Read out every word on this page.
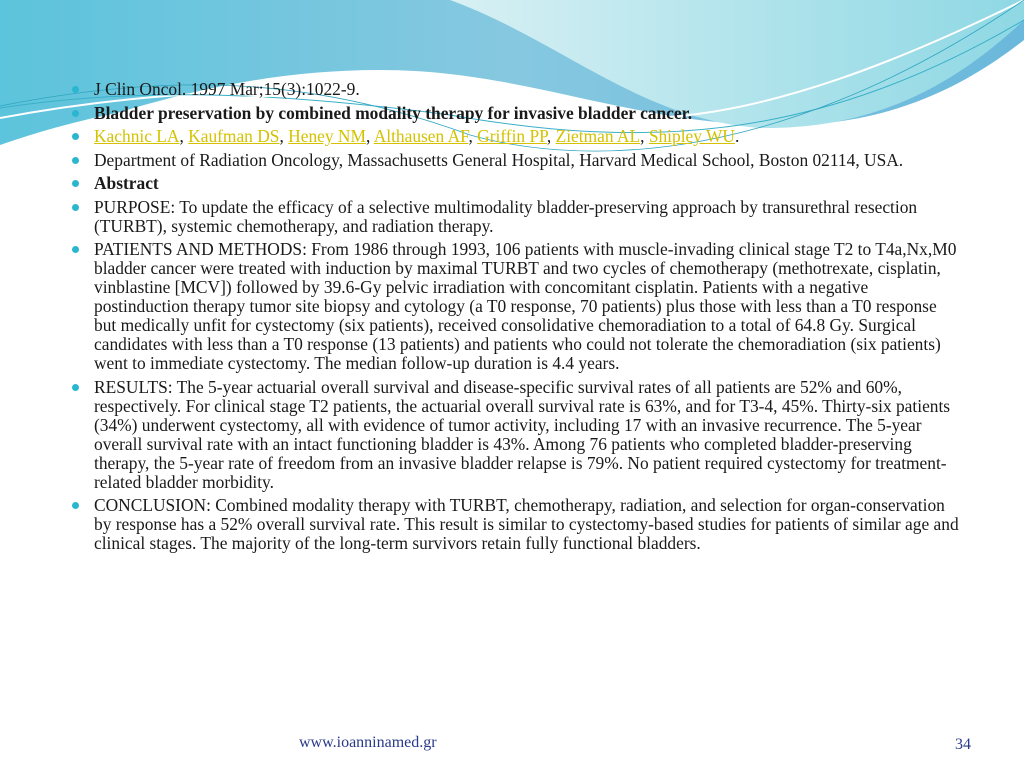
J Clin Oncol. 1997 Mar;15(3):1022-9.
Bladder preservation by combined modality therapy for invasive bladder cancer.
Kachnic LA, Kaufman DS, Heney NM, Althausen AF, Griffin PP, Zietman AL, Shipley WU.
Department of Radiation Oncology, Massachusetts General Hospital, Harvard Medical School, Boston 02114, USA.
Abstract
PURPOSE: To update the efficacy of a selective multimodality bladder-preserving approach by transurethral resection (TURBT), systemic chemotherapy, and radiation therapy.
PATIENTS AND METHODS: From 1986 through 1993, 106 patients with muscle-invading clinical stage T2 to T4a,Nx,M0 bladder cancer were treated with induction by maximal TURBT and two cycles of chemotherapy (methotrexate, cisplatin, vinblastine [MCV]) followed by 39.6-Gy pelvic irradiation with concomitant cisplatin. Patients with a negative postinduction therapy tumor site biopsy and cytology (a T0 response, 70 patients) plus those with less than a T0 response but medically unfit for cystectomy (six patients), received consolidative chemoradiation to a total of 64.8 Gy. Surgical candidates with less than a T0 response (13 patients) and patients who could not tolerate the chemoradiation (six patients) went to immediate cystectomy. The median follow-up duration is 4.4 years.
RESULTS: The 5-year actuarial overall survival and disease-specific survival rates of all patients are 52% and 60%, respectively. For clinical stage T2 patients, the actuarial overall survival rate is 63%, and for T3-4, 45%. Thirty-six patients (34%) underwent cystectomy, all with evidence of tumor activity, including 17 with an invasive recurrence. The 5-year overall survival rate with an intact functioning bladder is 43%. Among 76 patients who completed bladder-preserving therapy, the 5-year rate of freedom from an invasive bladder relapse is 79%. No patient required cystectomy for treatment-related bladder morbidity.
CONCLUSION: Combined modality therapy with TURBT, chemotherapy, radiation, and selection for organ-conservation by response has a 52% overall survival rate. This result is similar to cystectomy-based studies for patients of similar age and clinical stages. The majority of the long-term survivors retain fully functional bladders.
www.ioanninamed.gr	34
